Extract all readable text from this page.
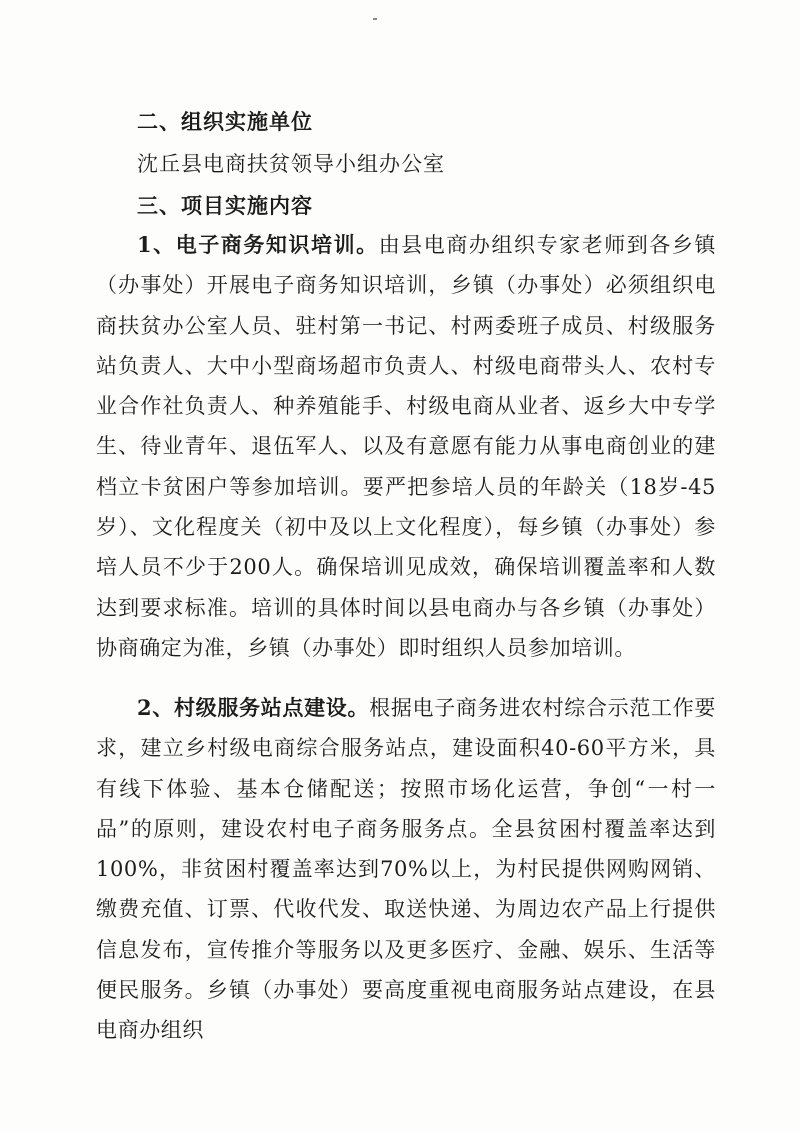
二、组织实施单位
沈丘县电商扶贫领导小组办公室
三、项目实施内容
1、电子商务知识培训。由县电商办组织专家老师到各乡镇（办事处）开展电子商务知识培训，乡镇（办事处）必须组织电商扶贫办公室人员、驻村第一书记、村两委班子成员、村级服务站负责人、大中小型商场超市负责人、村级电商带头人、农村专业合作社负责人、种养殖能手、村级电商从业者、返乡大中专学生、待业青年、退伍军人、以及有意愿有能力从事电商创业的建档立卡贫困户等参加培训。要严把参培人员的年龄关（18岁-45岁）、文化程度关（初中及以上文化程度），每乡镇（办事处）参培人员不少于200人。确保培训见成效，确保培训覆盖率和人数达到要求标准。培训的具体时间以县电商办与各乡镇（办事处）协商确定为准，乡镇（办事处）即时组织人员参加培训。
2、村级服务站点建设。根据电子商务进农村综合示范工作要求，建立乡村级电商综合服务站点，建设面积40-60平方米，具有线下体验、基本仓储配送；按照市场化运营，争创“一村一品”的原则，建设农村电子商务服务点。全县贫困村覆盖率达到100%，非贫困村覆盖率达到70%以上，为村民提供网购网销、缴费充值、订票、代收代发、取送快递、为周边农产品上行提供信息发布，宣传推介等服务以及更多医疗、金融、娱乐、生活等便民服务。乡镇（办事处）要高度重视电商服务站点建设，在县电商办组织
